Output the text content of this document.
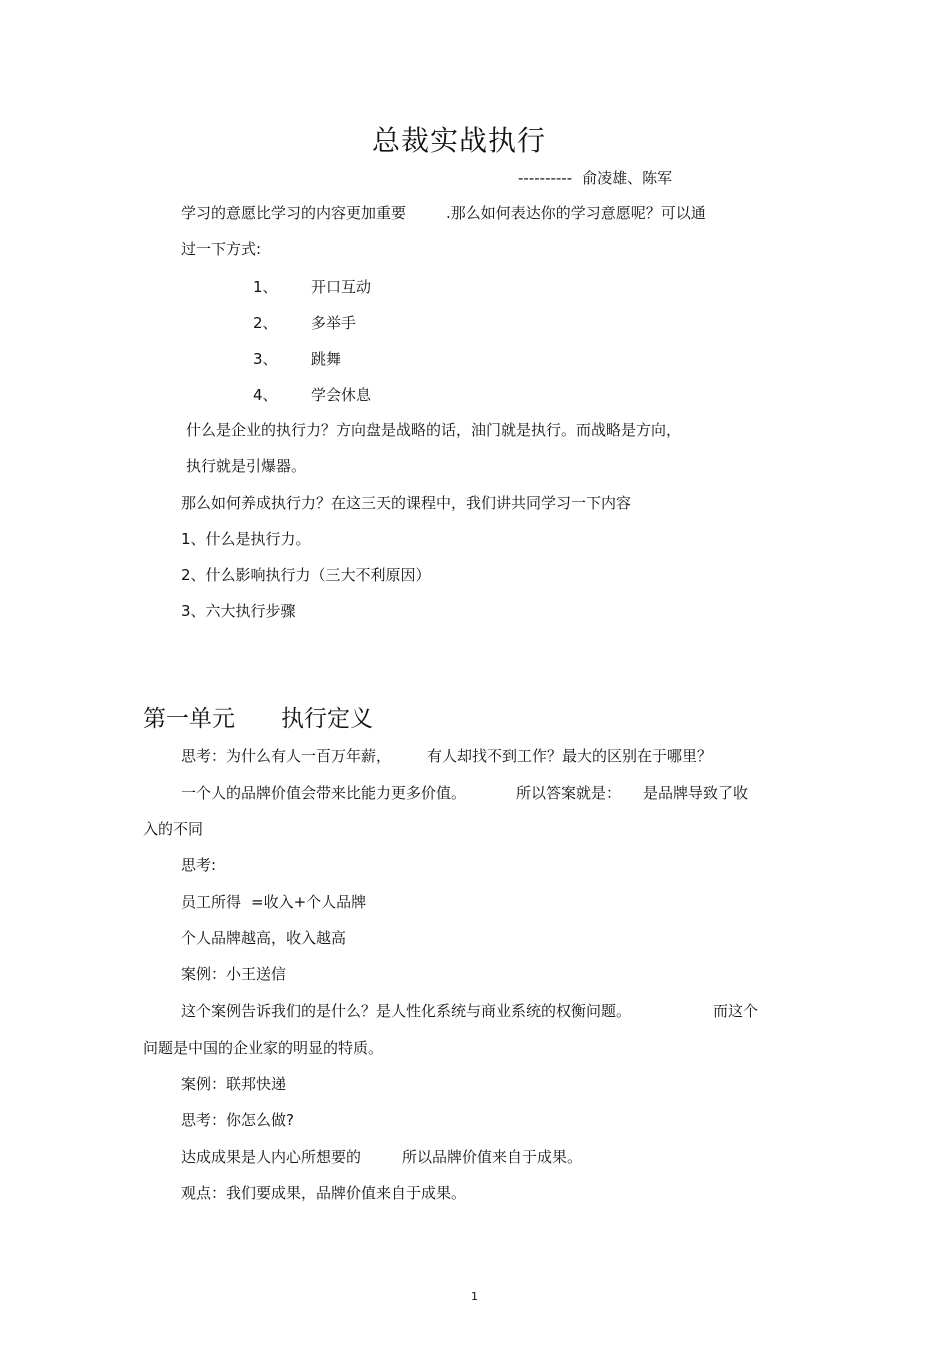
总裁实战执行
---------- 俞凌雄、陈军
学习的意愿比学习的内容更加重要	.那么如何表达你的学习意愿呢？可以通
过一下方式:
1、 开口互动
2、 多举手
3、 跳舞
4、 学会休息
什么是企业的执行力？方向盘是战略的话，油门就是执行。而战略是方向，
执行就是引爆器。
那么如何养成执行力？在这三天的课程中，我们讲共同学习一下内容
1、什么是执行力。
2、什么影响执行力（三大不利原因）
3、六大执行步骤
第一单元 执行定义
思考：为什么有人一百万年薪， 有人却找不到工作？最大的区别在于哪里？
一个人的品牌价值会带来比能力更多价值。	所以答案就是： 是品牌导致了收
入的不同
思考:
员工所得 =收入+个人品牌
个人品牌越高，收入越高
案例：小王送信
这个案例告诉我们的是什么？是人性化系统与商业系统的权衡问题。	而这个
问题是中国的企业家的明显的特质。
案例：联邦快递
思考：你怎么做?
达成成果是人内心所想要的	所以品牌价值来自于成果。
观点：我们要成果，品牌价值来自于成果。
1
